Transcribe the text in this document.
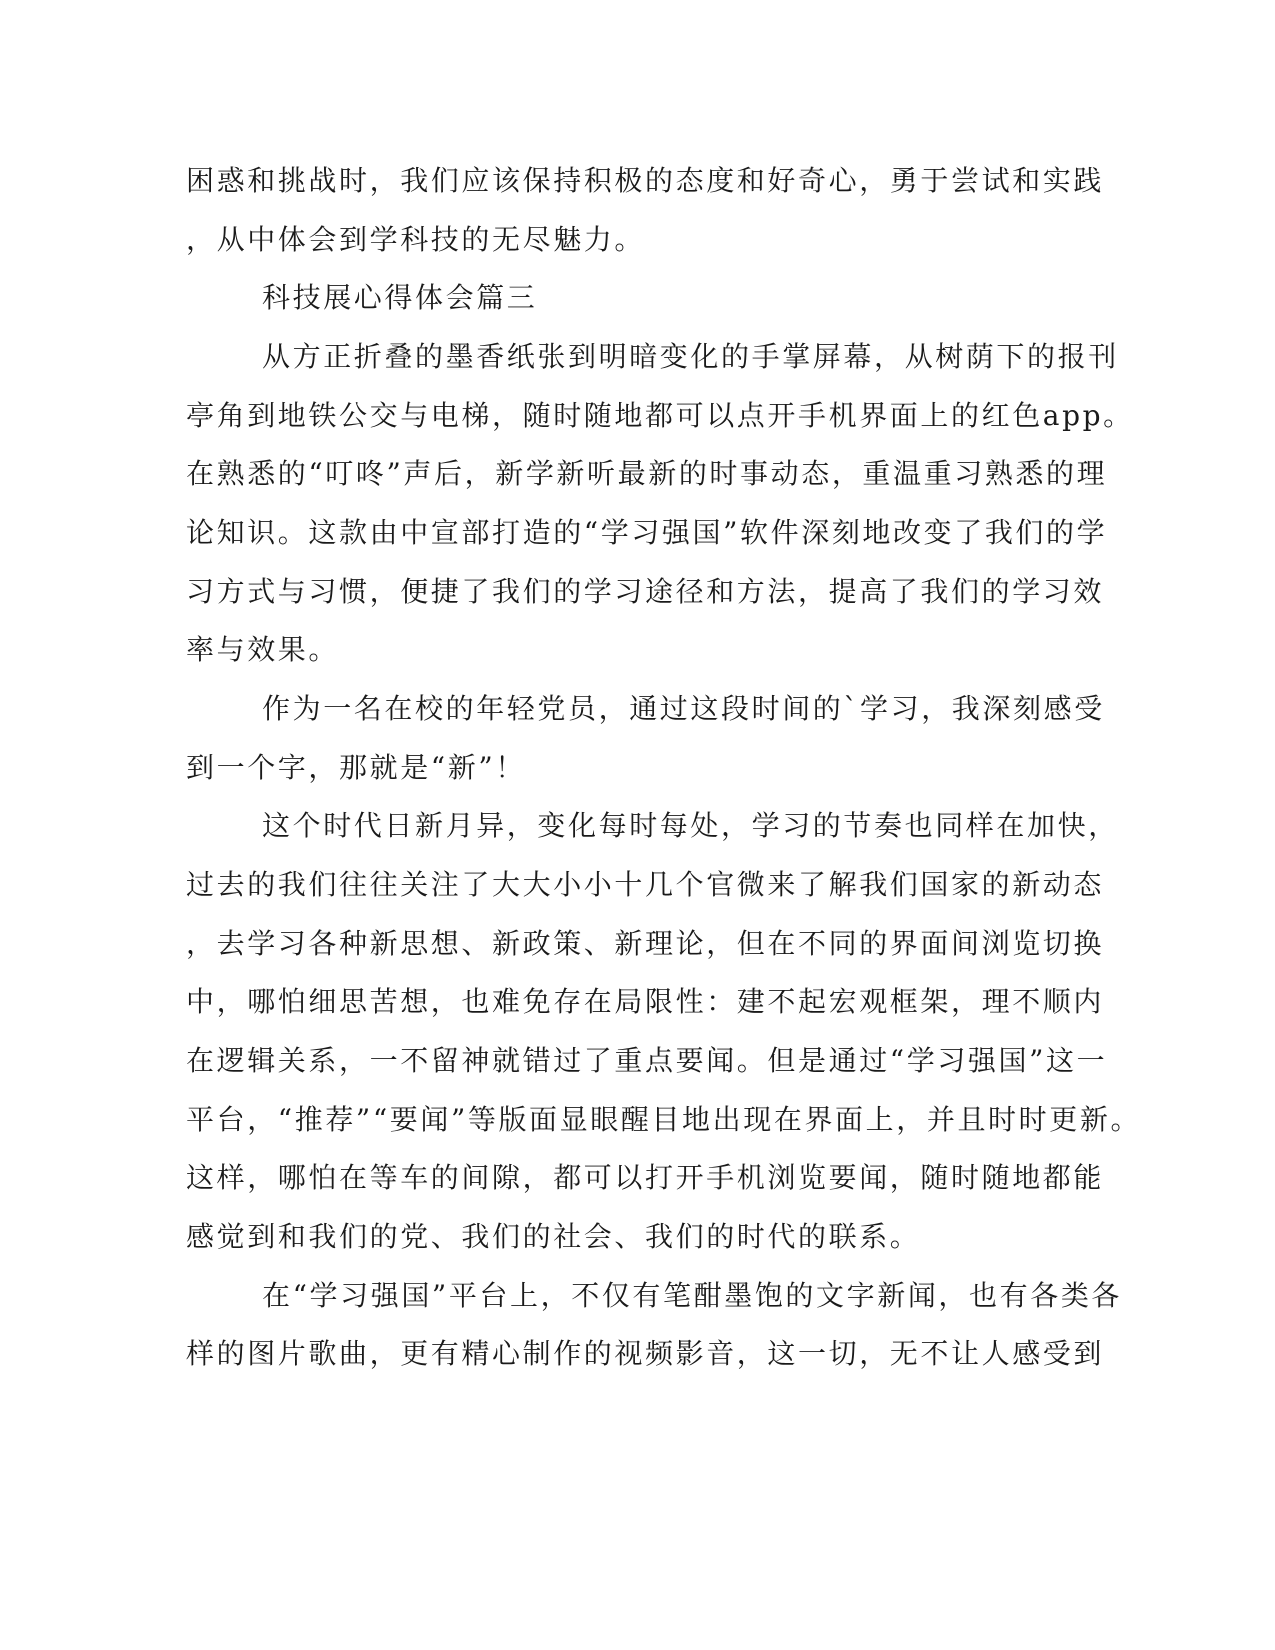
困惑和挑战时，我们应该保持积极的态度和好奇心，勇于尝试和实践
，从中体会到学科技的无尽魅力。
科技展心得体会篇三
从方正折叠的墨香纸张到明暗变化的手掌屏幕，从树荫下的报刊
亭角到地铁公交与电梯，随时随地都可以点开手机界面上的红色app。
在熟悉的“叮咚”声后，新学新听最新的时事动态，重温重习熟悉的理
论知识。这款由中宣部打造的“学习强国”软件深刻地改变了我们的学
习方式与习惯，便捷了我们的学习途径和方法，提高了我们的学习效
率与效果。
作为一名在校的年轻党员，通过这段时间的`学习，我深刻感受
到一个字，那就是“新”！
这个时代日新月异，变化每时每处，学习的节奏也同样在加快，
过去的我们往往关注了大大小小十几个官微来了解我们国家的新动态
，去学习各种新思想、新政策、新理论，但在不同的界面间浏览切换
中，哪怕细思苦想，也难免存在局限性：建不起宏观框架，理不顺内
在逻辑关系，一不留神就错过了重点要闻。但是通过“学习强国”这一
平台，“推荐”“要闻”等版面显眼醒目地出现在界面上，并且时时更新。
这样，哪怕在等车的间隙，都可以打开手机浏览要闻，随时随地都能
感觉到和我们的党、我们的社会、我们的时代的联系。
在“学习强国”平台上，不仅有笔酣墨饱的文字新闻，也有各类各
样的图片歌曲，更有精心制作的视频影音，这一切，无不让人感受到
